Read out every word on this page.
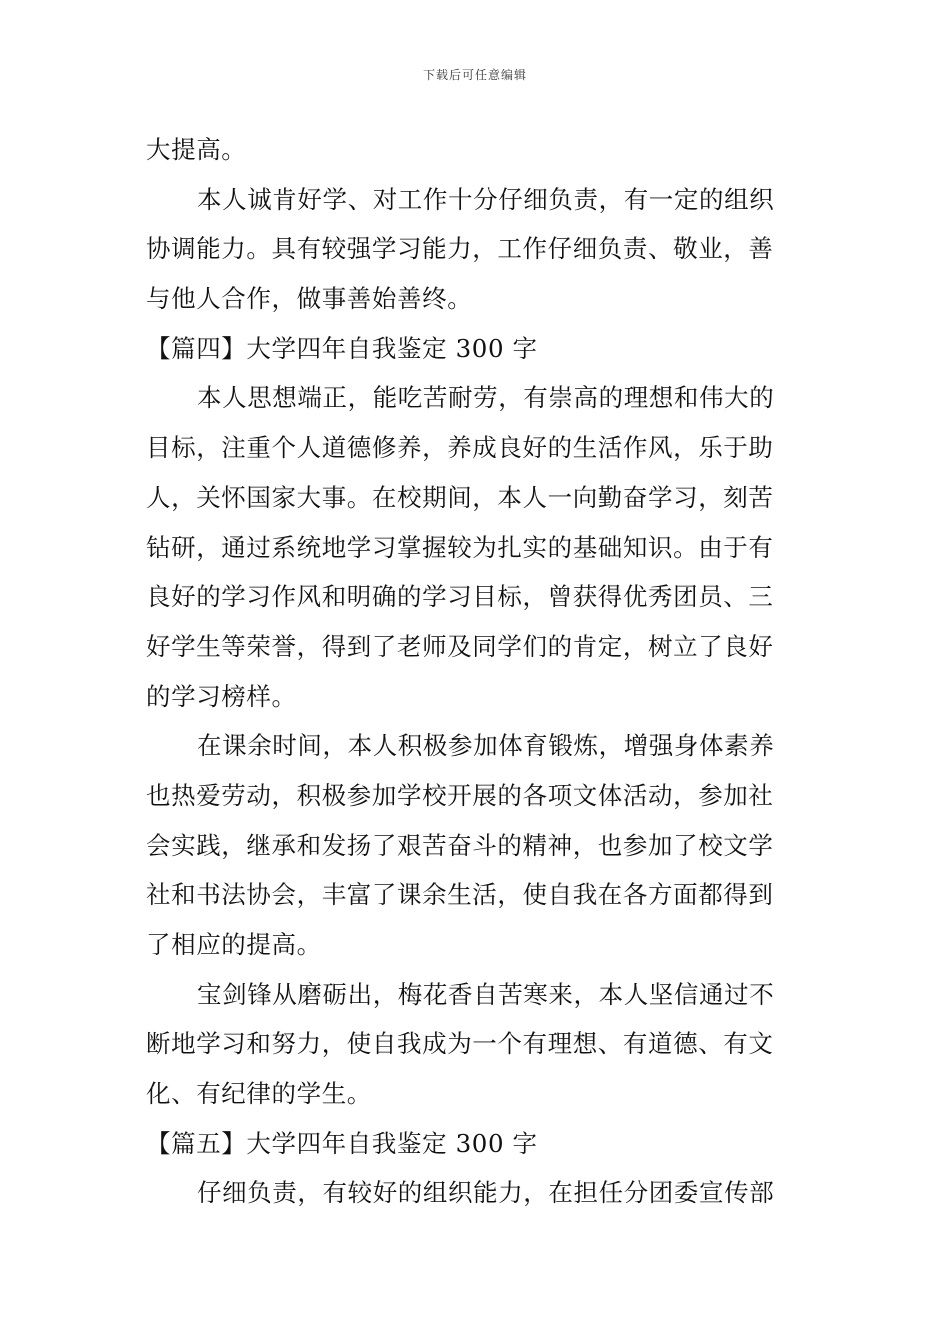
下载后可任意编辑
大提高。
本人诚肯好学、对工作十分仔细负责，有一定的组织
协调能力。具有较强学习能力，工作仔细负责、敬业，善
与他人合作，做事善始善终。
【篇四】大学四年自我鉴定 300 字
本人思想端正，能吃苦耐劳，有崇高的理想和伟大的
目标，注重个人道德修养，养成良好的生活作风，乐于助
人，关怀国家大事。在校期间，本人一向勤奋学习，刻苦
钻研，通过系统地学习掌握较为扎实的基础知识。由于有
良好的学习作风和明确的学习目标，曾获得优秀团员、三
好学生等荣誉，得到了老师及同学们的肯定，树立了良好
的学习榜样。
在课余时间，本人积极参加体育锻炼，增强身体素养
也热爱劳动，积极参加学校开展的各项文体活动，参加社
会实践，继承和发扬了艰苦奋斗的精神，也参加了校文学
社和书法协会，丰富了课余生活，使自我在各方面都得到
了相应的提高。
宝剑锋从磨砺出，梅花香自苦寒来，本人坚信通过不
断地学习和努力，使自我成为一个有理想、有道德、有文
化、有纪律的学生。
【篇五】大学四年自我鉴定 300 字
仔细负责，有较好的组织能力，在担任分团委宣传部
